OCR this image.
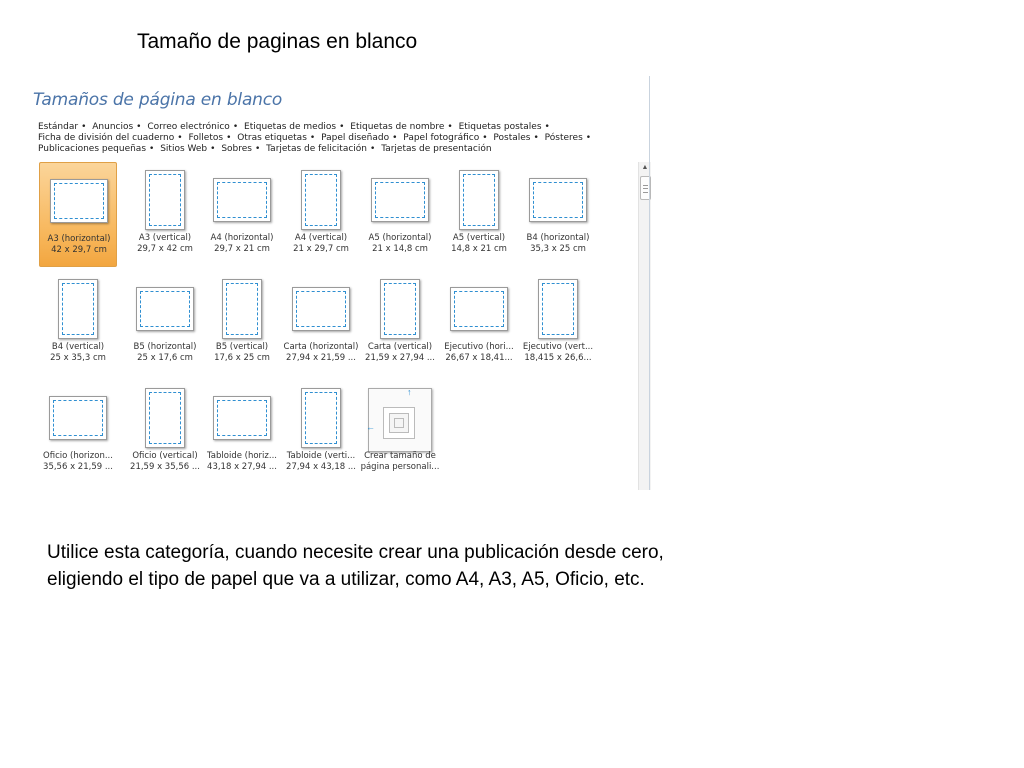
Tamaño de paginas en blanco
Tamaños de página en blanco
Estándar • Anuncios • Correo electrónico • Etiquetas de medios • Etiquetas de nombre • Etiquetas postales • Ficha de división del cuaderno • Folletos • Otras etiquetas • Papel diseñado • Papel fotográfico • Postales • Pósteres • Publicaciones pequeñas • Sitios Web • Sobres • Tarjetas de felicitación • Tarjetas de presentación
A3 (horizontal)
42 x 29,7 cm
A3 (vertical)
29,7 x 42 cm
A4 (horizontal)
29,7 x 21 cm
A4 (vertical)
21 x 29,7 cm
A5 (horizontal)
21 x 14,8 cm
A5 (vertical)
14,8 x 21 cm
B4 (horizontal)
35,3 x 25 cm
B4 (vertical)
25 x 35,3 cm
B5 (horizontal)
25 x 17,6 cm
B5 (vertical)
17,6 x 25 cm
Carta (horizontal)
27,94 x 21,59 ...
Carta (vertical)
21,59 x 27,94 ...
Ejecutivo (hori...
26,67 x 18,41...
Ejecutivo (vert...
18,415 x 26,6...
Oficio (horizon...
35,56 x 21,59 ...
Oficio (vertical)
21,59 x 35,56 ...
Tabloide (horiz...
43,18 x 27,94 ...
Tabloide (verti...
27,94 x 43,18 ...
↑
←
Crear tamaño de
página personali...
▲
Utilice esta categoría, cuando necesite crear una publicación desde cero,
eligiendo el tipo de papel que va a utilizar, como A4, A3, A5, Oficio, etc.
